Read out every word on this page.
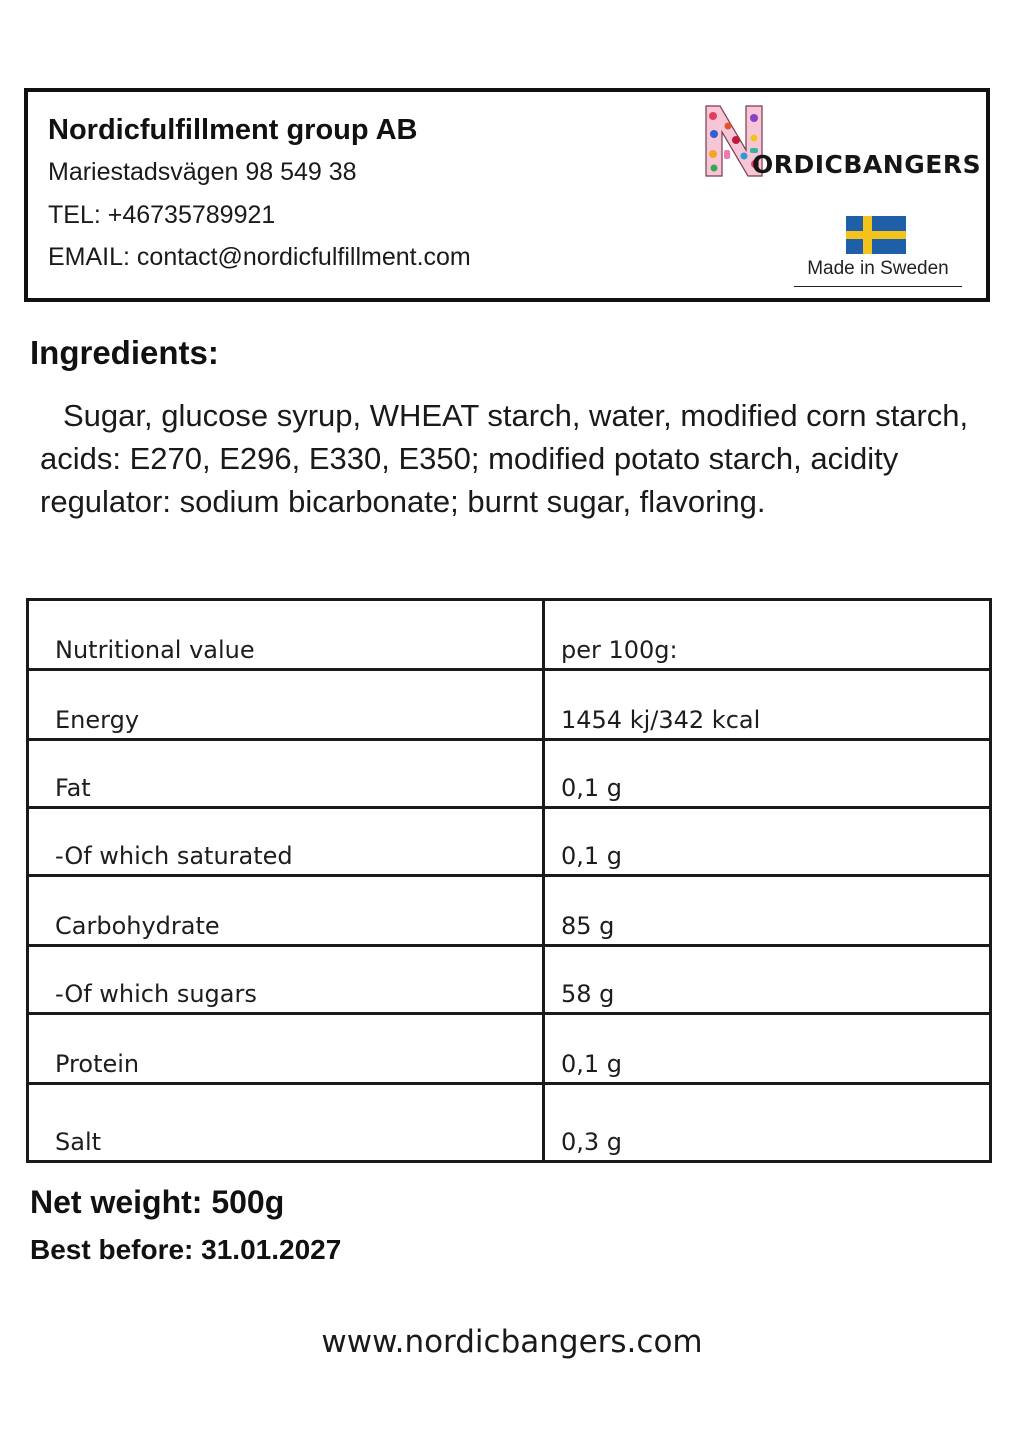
Nordicfulfillment group AB
Mariestadsvägen 98 549 38
TEL: +46735789921
EMAIL: contact@nordicfulfillment.com
ORDICBANGERS
Made in Sweden
Ingredients:
Sugar, glucose syrup, WHEAT starch, water, modified corn starch, acids: E270, E296, E330, E350; modified potato starch, acidity regulator: sodium bicarbonate; burnt sugar, flavoring.
Nutritional value	per 100g:
Energy	1454 kj/342 kcal
Fat	0,1 g
-Of which saturated	0,1 g
Carbohydrate	85 g
-Of which sugars	58 g
Protein	0,1 g
Salt	0,3 g
Net weight: 500g
Best before: 31.01.2027
www.nordicbangers.com
